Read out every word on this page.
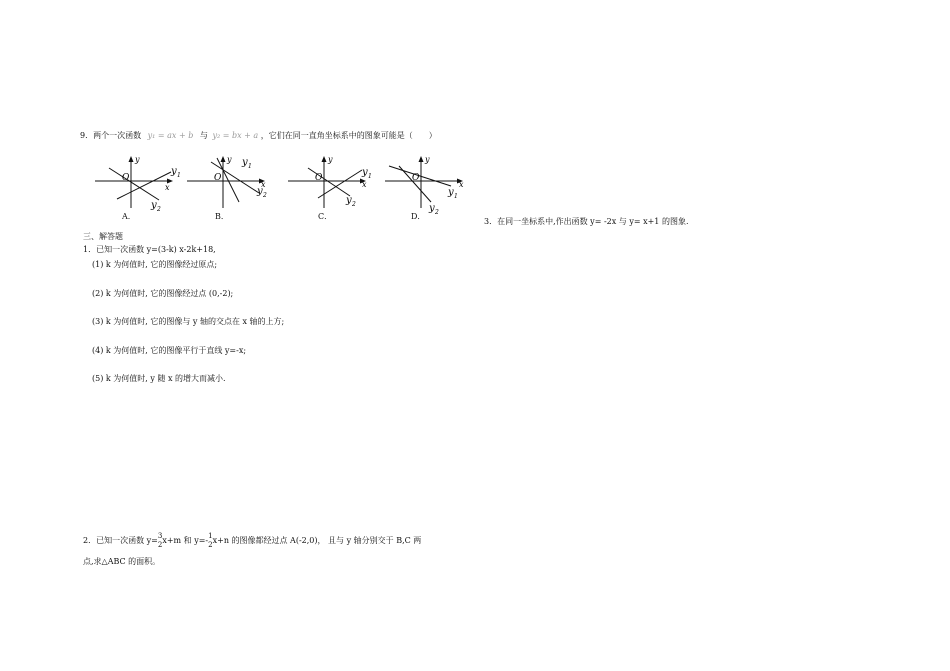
9．两个一次函数 y₁ = ax + b 与 y₂ = bx + a ，它们在同一直角坐标系中的图象可能是（　　）
y
x
O
y 1
y 2
y
x
O
y 1
y 2
y
x
O	y 1
y 2
y
x
O
y 1
y 2
A．	B．	C．	D．
三、解答题
1．已知一次函数 y=(3-k) x-2k+18,
(1) k 为何值时, 它的图像经过原点;
(2) k 为何值时, 它的图像经过点 (0,-2);
(3) k 为何值时, 它的图像与 y 轴的交点在 x 轴的上方;
(4) k 为何值时, 它的图像平行于直线 y=-x;
(5) k 为何值时, y 随 x 的增大而减小.
2．已知一次函数 y= 3
2 x+m 和 y=- 1
2 x+n 的图像都经过点 A(-2,0)， 且与 y 轴分别交于 B,C 两
点,求△ABC 的面积。
3．在同一坐标系中,作出函数 y= -2x 与 y= x+1 的图象.
